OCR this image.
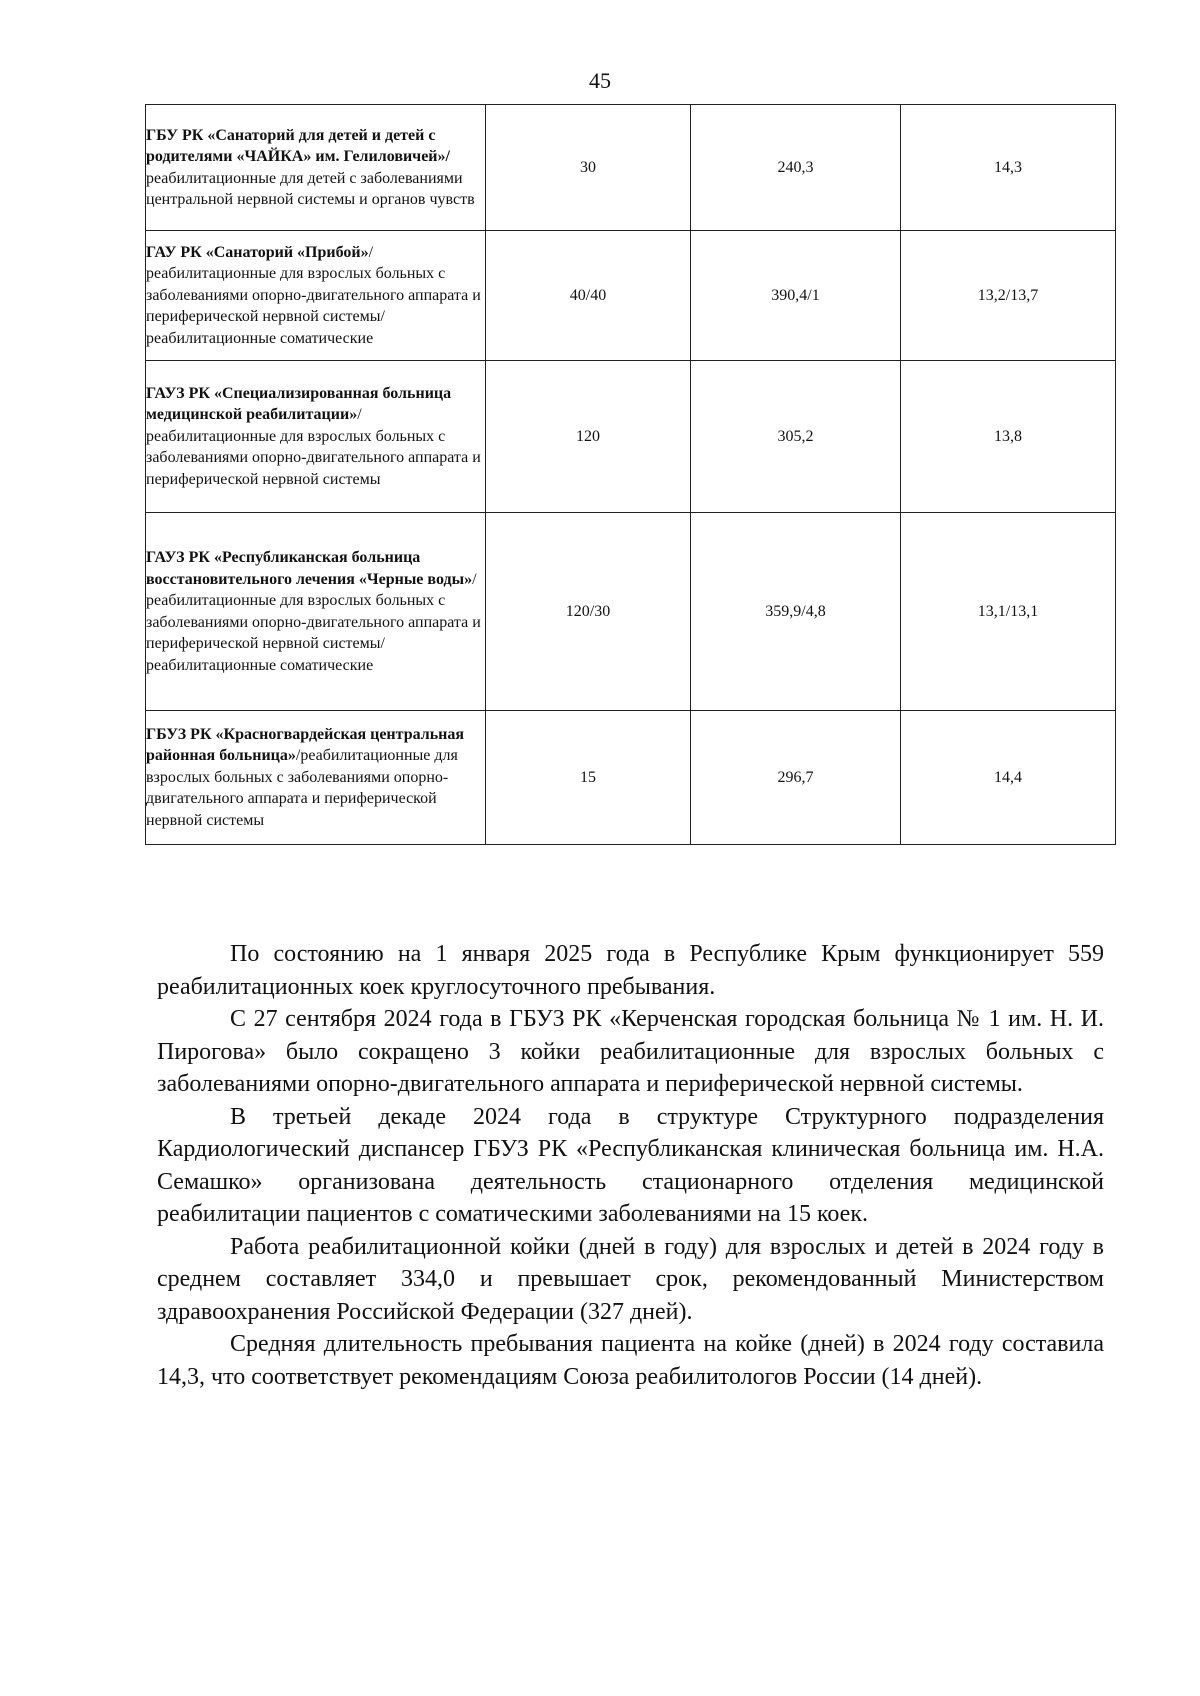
45
ГБУ РК «Санаторий для детей и детей с родителями «ЧАЙКА» им. Гелиловичей»/реабилитационные для детей с заболеваниями центральной нервной системы и органов чувств	30	240,3	14,3
ГАУ РК «Санаторий «Прибой»/реабилитационные для взрослых больных с заболеваниями опорно-двигательного аппарата и периферической нервной системы/ реабилитационные соматические	40/40	390,4/1	13,2/13,7
ГАУЗ РК «Специализированная больница медицинской реабилитации»/реабилитационные для взрослых больных с заболеваниями опорно-двигательного аппарата и периферической нервной системы	120	305,2	13,8
ГАУЗ РК «Республиканская больница восстановительного лечения «Черные воды»/реабилитационные для взрослых больных с заболеваниями опорно-двигательного аппарата и периферической нервной системы/реабилитационные соматические	120/30	359,9/4,8	13,1/13,1
ГБУЗ РК «Красногвардейская центральная районная больница»/реабилитационные для взрослых больных с заболеваниями опорно-двигательного аппарата и периферической нервной системы	15	296,7	14,4

По состоянию на 1 января 2025 года в Республике Крым функционирует 559 реабилитационных коек круглосуточного пребывания.

С 27 сентября 2024 года в ГБУЗ РК «Керченская городская больница № 1 им. Н. И. Пирогова» было сокращено 3 койки реабилитационные для взрослых больных с заболеваниями опорно-двигательного аппарата и периферической нервной системы.

В третьей декаде 2024 года в структуре Структурного подразделения Кардиологический диспансер ГБУЗ РК «Республиканская клиническая больница им. Н.А. Семашко» организована деятельность стационарного отделения медицинской реабилитации пациентов с соматическими заболеваниями на 15 коек.

Работа реабилитационной койки (дней в году) для взрослых и детей в 2024 году в среднем составляет 334,0 и превышает срок, рекомендованный Министерством здравоохранения Российской Федерации (327 дней).

Средняя длительность пребывания пациента на койке (дней) в 2024 году составила 14,3, что соответствует рекомендациям Союза реабилитологов России (14 дней).
